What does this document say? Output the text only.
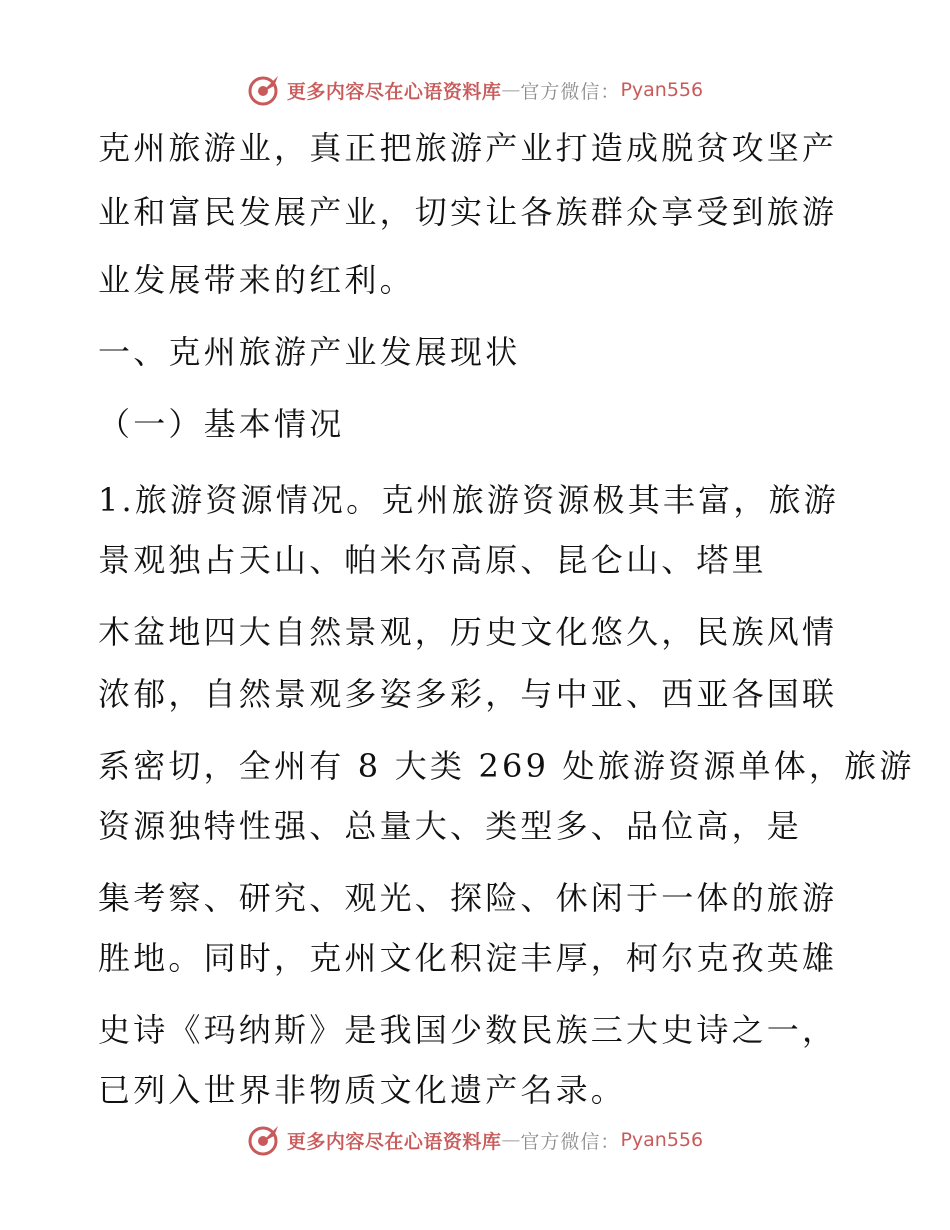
更多内容尽在心语资料库 — 官方微信： Pyan556
克州旅游业，真正把旅游产业打造成脱贫攻坚产
业和富民发展产业，切实让各族群众享受到旅游
业发展带来的红利。
一、克州旅游产业发展现状
（一）基本情况
1.旅游资源情况。克州旅游资源极其丰富，旅游
景观独占天山、帕米尔高原、昆仑山、塔里
木盆地四大自然景观，历史文化悠久，民族风情
浓郁，自然景观多姿多彩，与中亚、西亚各国联
系密切，全州有 8 大类 269 处旅游资源单体，旅游
资源独特性强、总量大、类型多、品位高，是
集考察、研究、观光、探险、休闲于一体的旅游
胜地。同时，克州文化积淀丰厚，柯尔克孜英雄
史诗《玛纳斯》是我国少数民族三大史诗之一，
已列入世界非物质文化遗产名录。
更多内容尽在心语资料库 — 官方微信： Pyan556
